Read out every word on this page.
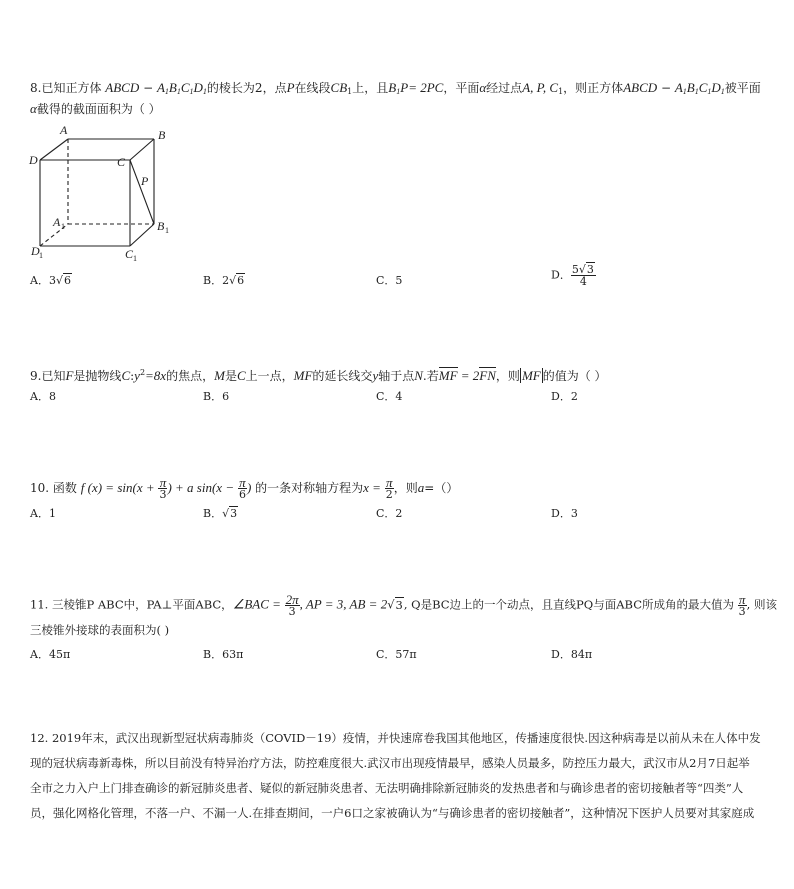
8.已知正方体 ABCD − $A_1B_1C_1D_1$的棱长为2，点P在线段$CB_1$上，且$B_1P= 2PC$，平面α经过点A, P, $C_1$，则正方体ABCD − $A_1B_1C_1D_1$被平面
α截得的截面面积为（ ）
A	B
C
D
P
A 1	B 1
C 1
D 1
A．3√6	B．2√6	C．5	D． $\frac{5√3}{4}$
9.已知F是抛物线$C:y^2=8x$的焦点，M是C上一点，MF的延长线交y轴于点N.若MF = 2FN，则 MF 的值为（ ）
A．8	B．6	C．4	D．2
10. 函数 f $(x) = \sin(x + \frac{\pi}{3}$ ) + a $\sin(x - \frac{\pi}{6}$ ) 的一条对称轴方程为$x = \frac{\pi}{2}$ ，则a=（）
A．1	B．√3	C．2	D．3
11. 三棱锥P ABC中，PA⊥平面ABC，∠BAC = $\frac{2\pi}{3}$ , AP = 3, AB = 2√3, Q是BC边上的一个动点，且直线PQ与面ABC所成角的最大值为 $\frac{\pi}{3}$ , 则该
三棱锥外接球的表面积为( )
A．45π	B．63π	C．57π	D．84π

12. 2019年末，武汉出现新型冠状病毒肺炎（COVID－19）疫情，并快速席卷我国其他地区，传播速度很快.因这种病毒是以前从未在人体中发

现的冠状病毒新毒株，所以目前没有特异治疗方法，防控难度很大.武汉市出现疫情最早，感染人员最多，防控压力最大，武汉市从2月7日起举

全市之力入户上门排查确诊的新冠肺炎患者、疑似的新冠肺炎患者、无法明确排除新冠肺炎的发热患者和与确诊患者的密切接触者等“四类”人

员，强化网格化管理，不落一户、不漏一人.在排查期间，一户6口之家被确认为“与确诊患者的密切接触者”，这种情况下医护人员要对其家庭成
